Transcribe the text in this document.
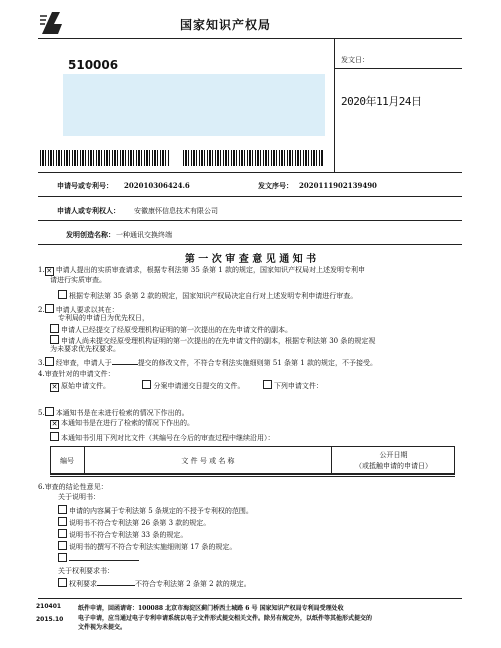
国家知识产权局
510006	发文日：
2020年11月24日
申请号或专利号： 202010306424.6	发文序号： 2020111902139490
申请人或专利权人： 安徽康怀信息技术有限公司
发明创造名称： 一种通讯交换终端
第 一 次 审 查 意 见 通 知 书
1. ✕ 申请人提出的实质审查请求，根据专利法第 35 条第 1 款的规定，国家知识产权局对上述发明专利申
请进行实质审查。
根据专利法第 35 条第 2 款的规定，国家知识产权局决定自行对上述发明专利申请进行审查。
2. 申请人要求以其在：
专利局的申请日为优先权日，
申请人已经提交了经原受理机构证明的第一次提出的在先申请文件的副本。
申请人尚未提交经原受理机构证明的第一次提出的在先申请文件的副本，根据专利法第 30 条的规定视
为未要求优先权要求。
3. 经审查，申请人于	提交的修改文件，不符合专利法实施细则第 51 条第 1 款的规定，不予接受。
4.审查针对的申请文件：
✕ 原始申请文件。	分案申请递交日提交的文件。	下列申请文件：
5. 本通知书是在未进行检索的情况下作出的。
✕ 本通知书是在进行了检索的情况下作出的。
本通知书引用下列对比文件（其编号在今后的审查过程中继续沿用）：
编号	文 件 号 或 名 称
公开日期
（或抵触申请的申请日）
6.审查的结论性意见：
关于说明书：
申请的内容属于专利法第 5 条规定的不授予专利权的范围。
说明书不符合专利法第 26 条第 3 款的规定。
说明书不符合专利法第 33 条的规定。
说明书的撰写不符合专利法实施细则第 17 条的规定。
关于权利要求书：
权利要求	不符合专利法第 2 条第 2 款的规定。
210401
2015.10
纸件申请，回函请寄：100088 北京市海淀区蓟门桥西土城路 6 号 国家知识产权局专利局受理处收
电子申请，应当通过电子专利申请系统以电子文件形式提交相关文件。除另有规定外，以纸件等其他形式提交的
文件视为未提交。
